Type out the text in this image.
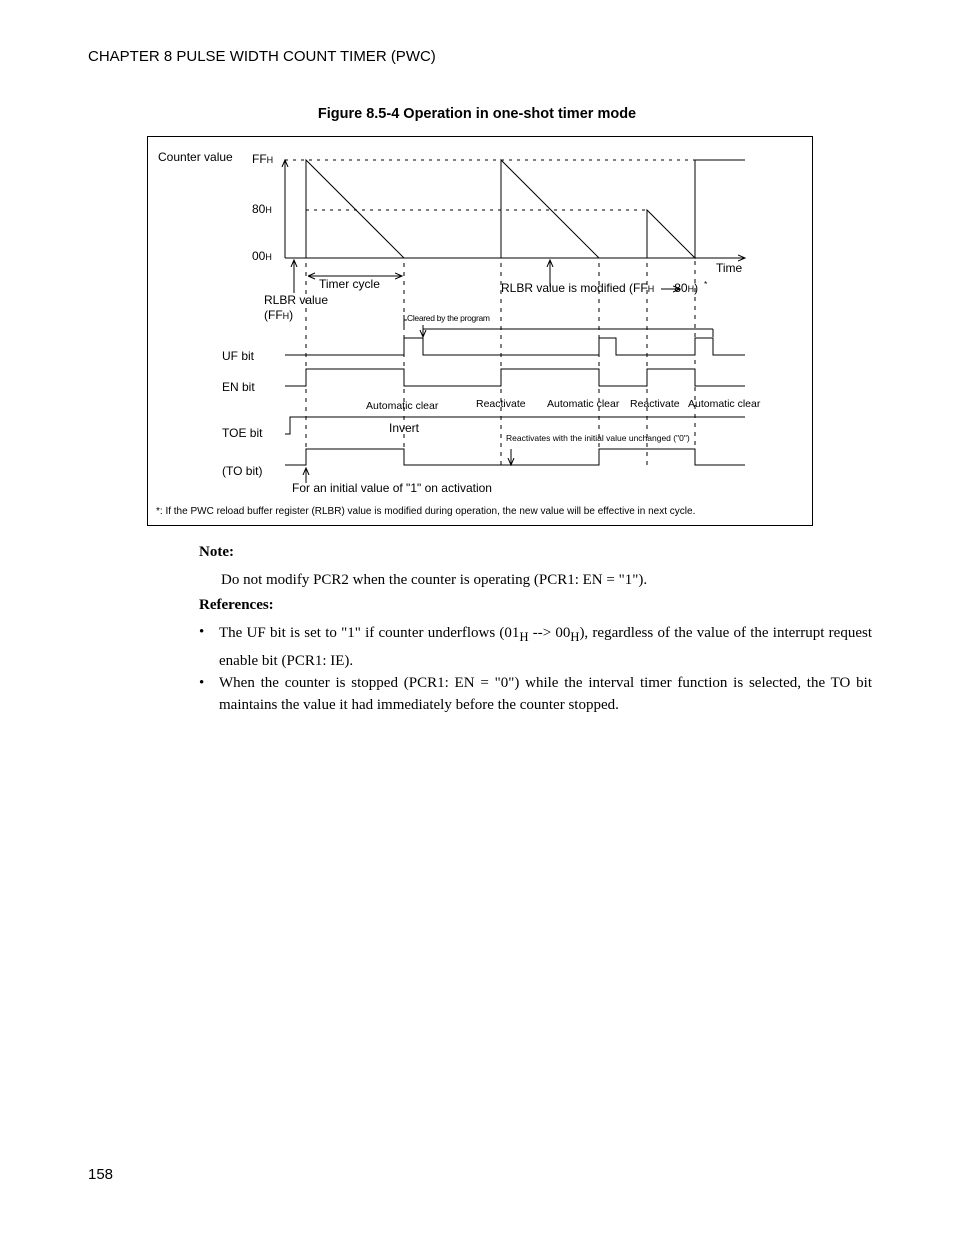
CHAPTER 8 PULSE WIDTH COUNT TIMER (PWC)
Figure 8.5-4 Operation in one-shot timer mode
Counter value FFH
80H
00H
Time
Timer cycle
RLBR value
(FFH)
RLBR value is modified (FFH 80H) *
Cleared by the program
UF bit
EN bit
Automatic clear	Reactivate Automatic clear Reactivate Automatic clear
TOE bit	Invert
Reactivates with the initial value unchanged ("0")
(TO bit)
For an initial value of "1" on activation
*: If the PWC reload buffer register (RLBR) value is modified during operation, the new value will be effective in next cycle.
Note:
Do not modify PCR2 when the counter is operating (PCR1: EN = "1").
References:
• The UF bit is set to "1" if counter underflows ($01_H$ --> $00_H$), regardless of the value of the interrupt request enable bit (PCR1: IE).
• When the counter is stopped (PCR1: EN = "0") while the interval timer function is selected, the TO bit maintains the value it had immediately before the counter stopped.
158
